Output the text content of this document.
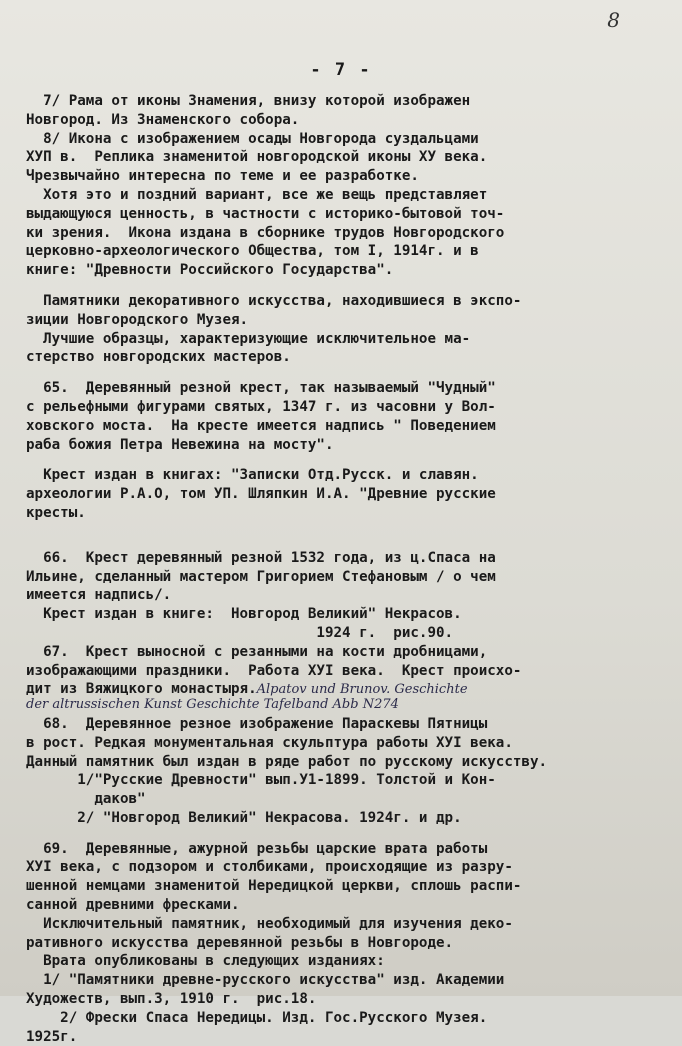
8
- 7 -
7/ Рама от иконы Знамения, внизу которой изображен
Новгород. Из Знаменского собора.
8/ Икона с изображением осады Новгорода суздальцами
ХУП в.  Реплика знаменитой новгородской иконы ХУ века.
Чрезвычайно интересна по теме и ее разработке.
Хотя это и поздний вариант, все же вещь представляет
выдающуюся ценность, в частности с историко-бытовой точ-
ки зрения.  Икона издана в сборнике трудов Новгородского
церковно-археологического Общества, том I, 1914г. и в
книге: "Древности Российского Государства".
Памятники декоративного искусства, находившиеся в экспо-
зиции Новгородского Музея.
Лучшие образцы, характеризующие исключительное ма-
стерство новгородских мастеров.
65.  Деревянный резной крест, так называемый "Чудный"
с рельефными фигурами святых, 1347 г. из часовни у Вол-
ховского моста.  На кресте имеется надпись " Поведением
раба божия Петра Невежина на мосту".
Крест издан в книгах: "Записки Отд.Русск. и славян.
археологии Р.А.О, том УП. Шляпкин И.А. "Древние русские
кресты.
66.  Крест деревянный резной 1532 года, из ц.Спаса на
Ильине, сделанный мастером Григорием Стефановым / о чем
имеется надпись/.
Крест издан в книге:  Новгород Великий" Некрасов.
1924 г.  рис.90.
67.  Крест выносной с резанными на кости дробницами,
изображающими праздники.  Работа ХУI века.  Крест происхо-
дит из Вяжицкого монастыря.Alpatov und Brunov. Geschichte
der altrussischen Kunst Geschichte Tafelband Abb N274
68.  Деревянное резное изображение Параскевы Пятницы
в рост. Редкая монументальная скульптура работы ХУI века.
Данный памятник был издан в ряде работ по русскому искусству.
1/"Русские Древности" вып.У1-1899. Толстой и Кон-
даков"
2/ "Новгород Великий" Некрасова. 1924г. и др.
69.  Деревянные, ажурной резьбы царские врата работы
ХУI века, с подзором и столбиками, происходящие из разру-
шенной немцами знаменитой Нередицкой церкви, сплошь распи-
санной древними фресками.
Исключительный памятник, необходимый для изучения деко-
ративного искусства деревянной резьбы в Новгороде.
Врата опубликованы в следующих изданиях:
1/ "Памятники древне-русского искусства" изд. Академии
Художеств, вып.3, 1910 г.  рис.18.
2/ Фрески Спаса Нередицы. Изд. Гос.Русского Музея.
1925г.
